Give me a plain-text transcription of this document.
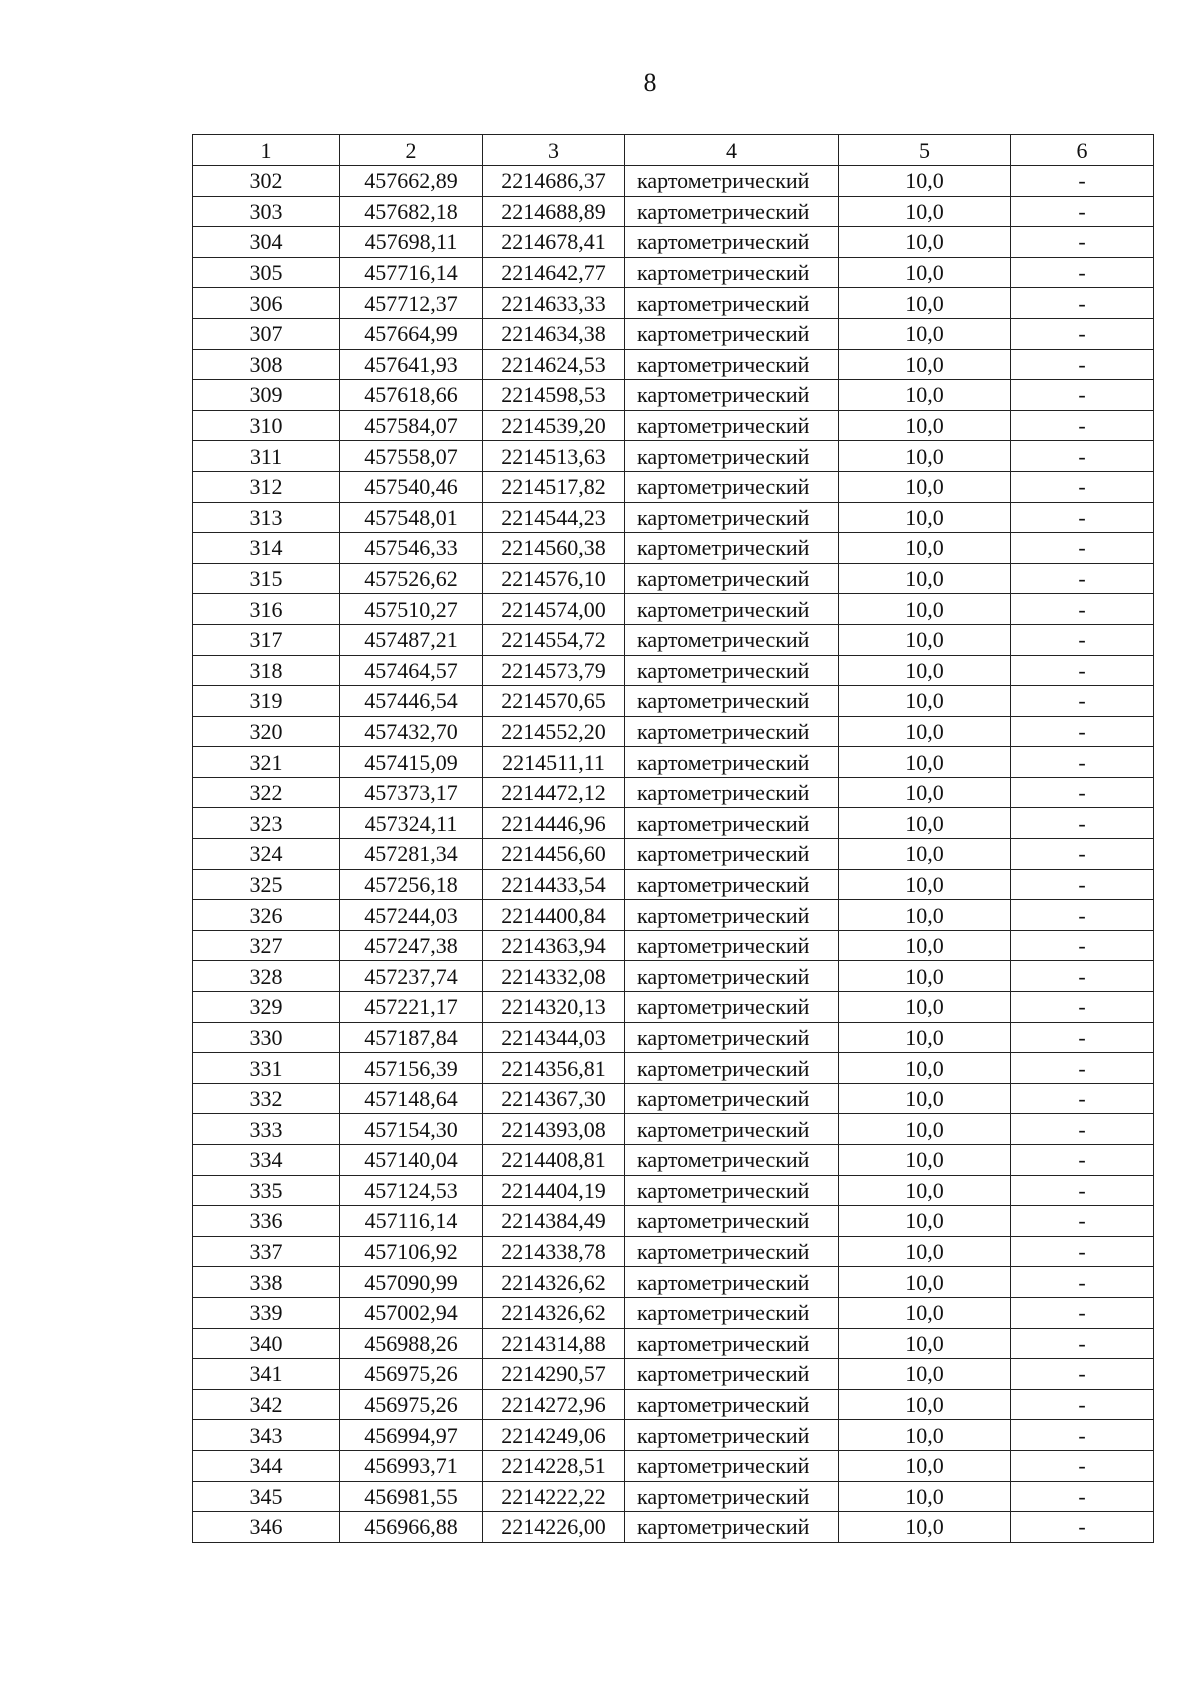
8
1	2	3	4	5	6
302	457662,89	2214686,37	картометрический	10,0	-
303	457682,18	2214688,89	картометрический	10,0	-
304	457698,11	2214678,41	картометрический	10,0	-
305	457716,14	2214642,77	картометрический	10,0	-
306	457712,37	2214633,33	картометрический	10,0	-
307	457664,99	2214634,38	картометрический	10,0	-
308	457641,93	2214624,53	картометрический	10,0	-
309	457618,66	2214598,53	картометрический	10,0	-
310	457584,07	2214539,20	картометрический	10,0	-
311	457558,07	2214513,63	картометрический	10,0	-
312	457540,46	2214517,82	картометрический	10,0	-
313	457548,01	2214544,23	картометрический	10,0	-
314	457546,33	2214560,38	картометрический	10,0	-
315	457526,62	2214576,10	картометрический	10,0	-
316	457510,27	2214574,00	картометрический	10,0	-
317	457487,21	2214554,72	картометрический	10,0	-
318	457464,57	2214573,79	картометрический	10,0	-
319	457446,54	2214570,65	картометрический	10,0	-
320	457432,70	2214552,20	картометрический	10,0	-
321	457415,09	2214511,11	картометрический	10,0	-
322	457373,17	2214472,12	картометрический	10,0	-
323	457324,11	2214446,96	картометрический	10,0	-
324	457281,34	2214456,60	картометрический	10,0	-
325	457256,18	2214433,54	картометрический	10,0	-
326	457244,03	2214400,84	картометрический	10,0	-
327	457247,38	2214363,94	картометрический	10,0	-
328	457237,74	2214332,08	картометрический	10,0	-
329	457221,17	2214320,13	картометрический	10,0	-
330	457187,84	2214344,03	картометрический	10,0	-
331	457156,39	2214356,81	картометрический	10,0	-
332	457148,64	2214367,30	картометрический	10,0	-
333	457154,30	2214393,08	картометрический	10,0	-
334	457140,04	2214408,81	картометрический	10,0	-
335	457124,53	2214404,19	картометрический	10,0	-
336	457116,14	2214384,49	картометрический	10,0	-
337	457106,92	2214338,78	картометрический	10,0	-
338	457090,99	2214326,62	картометрический	10,0	-
339	457002,94	2214326,62	картометрический	10,0	-
340	456988,26	2214314,88	картометрический	10,0	-
341	456975,26	2214290,57	картометрический	10,0	-
342	456975,26	2214272,96	картометрический	10,0	-
343	456994,97	2214249,06	картометрический	10,0	-
344	456993,71	2214228,51	картометрический	10,0	-
345	456981,55	2214222,22	картометрический	10,0	-
346	456966,88	2214226,00	картометрический	10,0	-
